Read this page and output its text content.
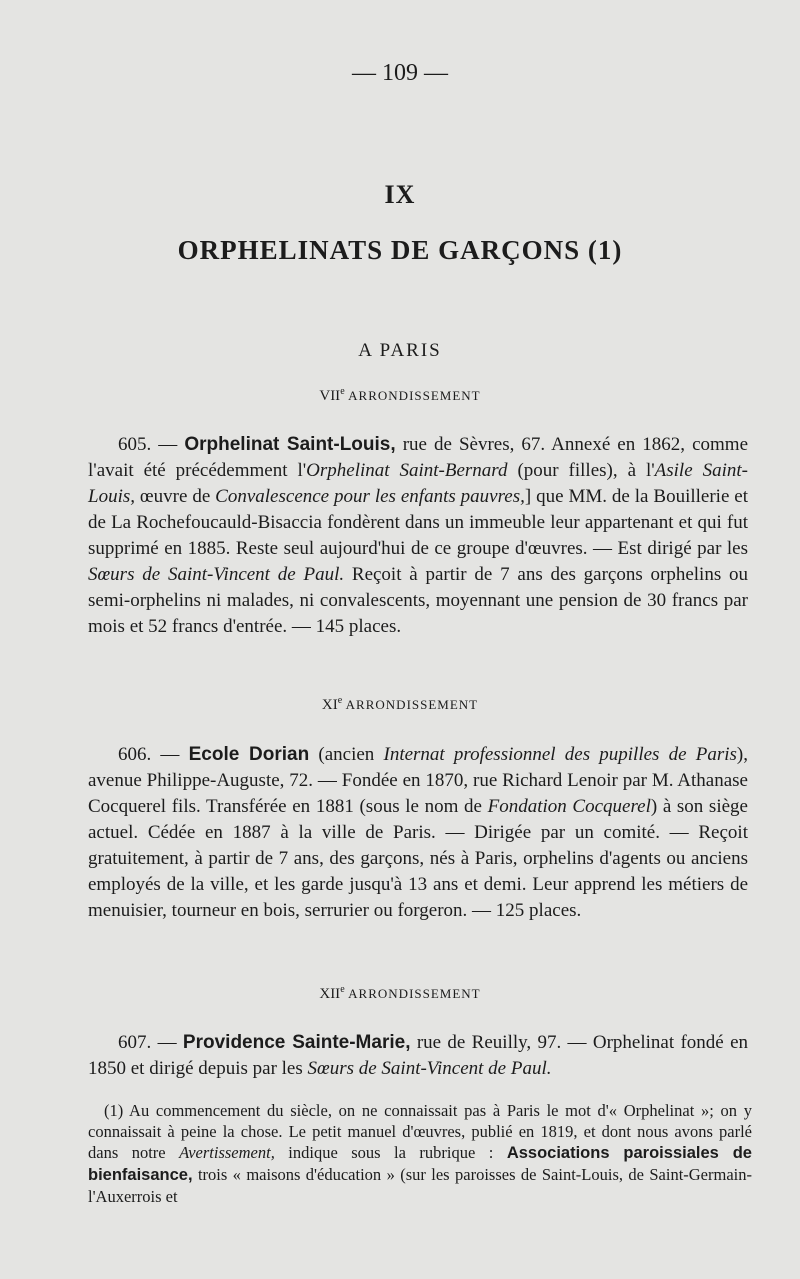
— 109 —
IX
ORPHELINATS DE GARÇONS (1)
A PARIS
VIIe ARRONDISSEMENT

605. — Orphelinat Saint-Louis, rue de Sèvres, 67. Annexé en 1862, comme l'avait été précédemment l'Orphelinat Saint-Bernard (pour filles), à l'Asile Saint-Louis, œuvre de Convalescence pour les enfants pauvres,] que MM. de la Bouillerie et de La Rochefoucauld-Bisaccia fondèrent dans un immeuble leur appartenant et qui fut supprimé en 1885. Reste seul aujourd'hui de ce groupe d'œuvres. — Est dirigé par les Sœurs de Saint-Vincent de Paul. Reçoit à partir de 7 ans des garçons orphelins ou semi-orphelins ni malades, ni convalescents, moyennant une pension de 30 francs par mois et 52 francs d'entrée. — 145 places.

XIe ARRONDISSEMENT

606. — Ecole Dorian (ancien Internat professionnel des pupilles de Paris), avenue Philippe-Auguste, 72. — Fondée en 1870, rue Richard Lenoir par M. Athanase Cocquerel fils. Transférée en 1881 (sous le nom de Fondation Cocquerel) à son siège actuel. Cédée en 1887 à la ville de Paris. — Dirigée par un comité. — Reçoit gratuitement, à partir de 7 ans, des garçons, nés à Paris, orphelins d'agents ou anciens employés de la ville, et les garde jusqu'à 13 ans et demi. Leur apprend les métiers de menuisier, tourneur en bois, serrurier ou forgeron. — 125 places.

XIIe ARRONDISSEMENT

607. — Providence Sainte-Marie, rue de Reuilly, 97. — Orphelinat fondé en 1850 et dirigé depuis par les Sœurs de Saint-Vincent de Paul.

(1) Au commencement du siècle, on ne connaissait pas à Paris le mot d'« Orphelinat »; on y connaissait à peine la chose. Le petit manuel d'œuvres, publié en 1819, et dont nous avons parlé dans notre Avertissement, indique sous la rubrique : Associations paroissiales de bienfaisance, trois « maisons d'éducation » (sur les paroisses de Saint-Louis, de Saint-Germain-l'Auxerrois et
